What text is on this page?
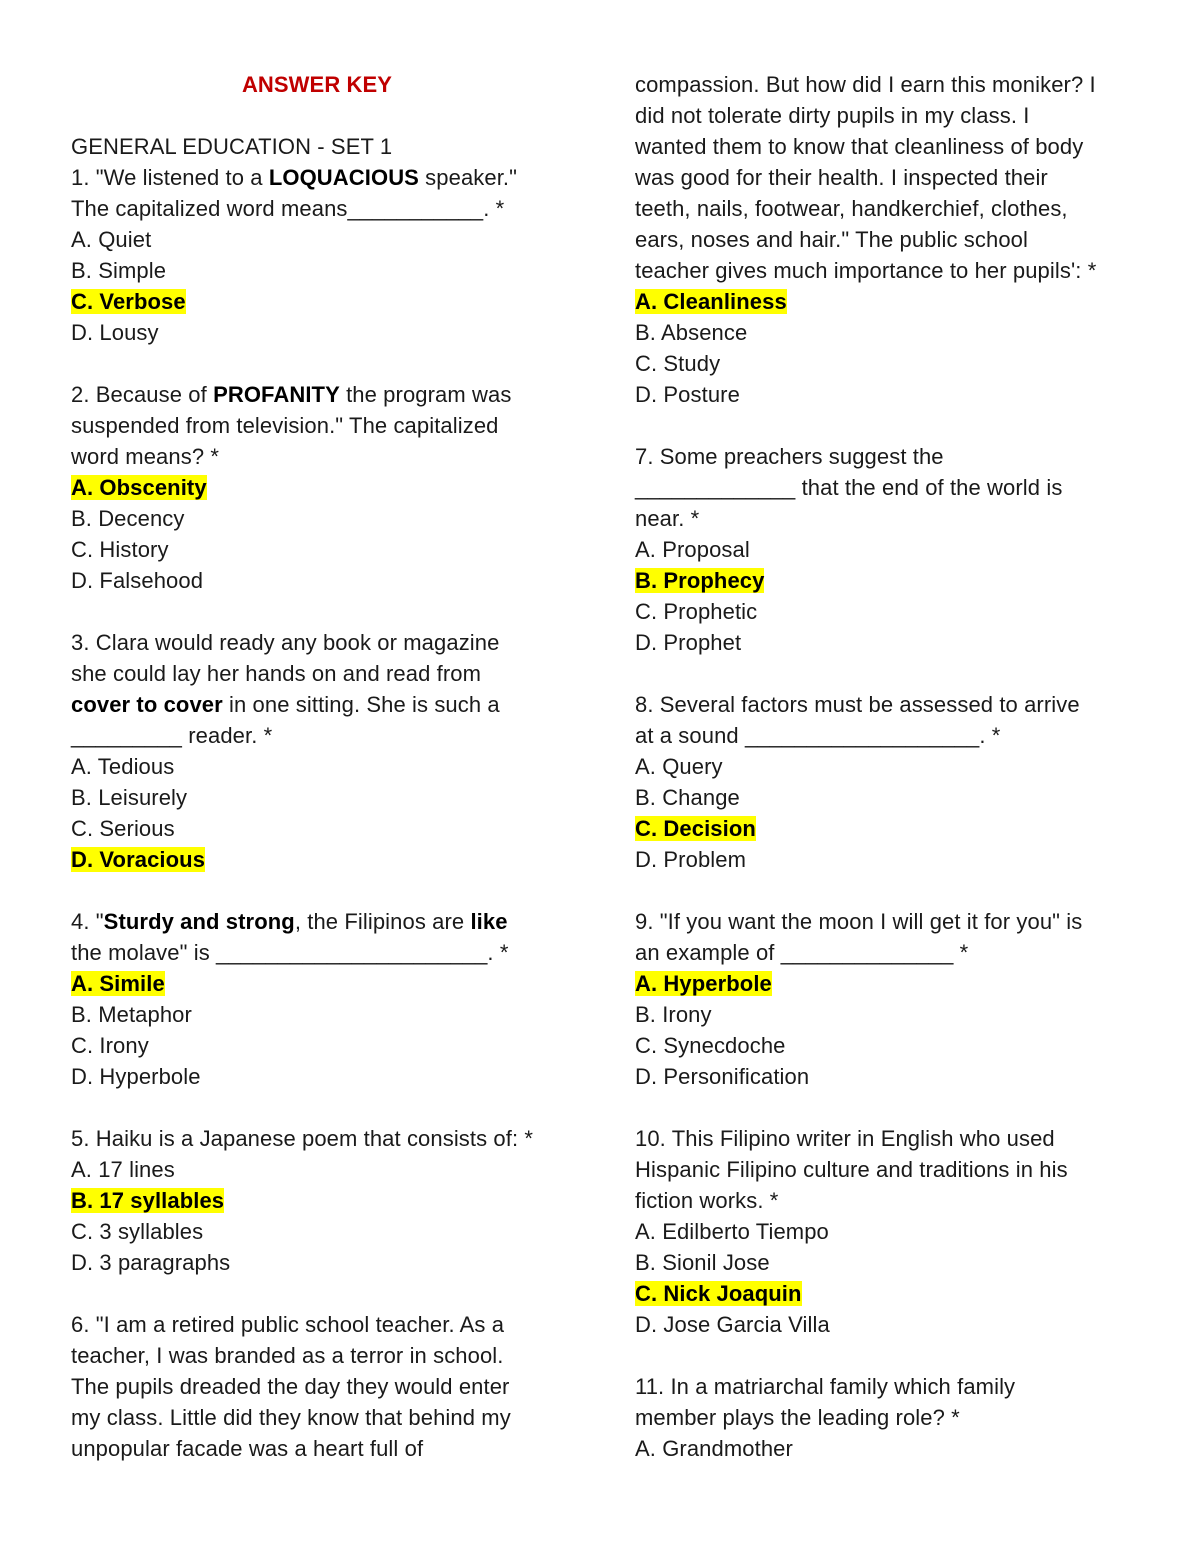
ANSWER KEY
GENERAL EDUCATION - SET 1
1. "We listened to a LOQUACIOUS speaker."
The capitalized word means___________. *
A. Quiet
B. Simple
C. Verbose
D. Lousy
2. Because of PROFANITY the program was
suspended from television." The capitalized
word means? *
A. Obscenity
B. Decency
C. History
D. Falsehood
3. Clara would ready any book or magazine
she could lay her hands on and read from
cover to cover in one sitting. She is such a
_________ reader. *
A. Tedious
B. Leisurely
C. Serious
D. Voracious
4. "Sturdy and strong, the Filipinos are like
the molave" is ______________________. *
A. Simile
B. Metaphor
C. Irony
D. Hyperbole
5. Haiku is a Japanese poem that consists of: *
A. 17 lines
B. 17 syllables
C. 3 syllables
D. 3 paragraphs
6. "I am a retired public school teacher. As a
teacher, I was branded as a terror in school.
The pupils dreaded the day they would enter
my class. Little did they know that behind my
unpopular facade was a heart full of
compassion. But how did I earn this moniker? I
did not tolerate dirty pupils in my class. I
wanted them to know that cleanliness of body
was good for their health. I inspected their
teeth, nails, footwear, handkerchief, clothes,
ears, noses and hair." The public school
teacher gives much importance to her pupils': *
A. Cleanliness
B. Absence
C. Study
D. Posture
7. Some preachers suggest the
_____________ that the end of the world is
near. *
A. Proposal
B. Prophecy
C. Prophetic
D. Prophet
8. Several factors must be assessed to arrive
at a sound ___________________. *
A. Query
B. Change
C. Decision
D. Problem
9. "If you want the moon I will get it for you" is
an example of ______________ *
A. Hyperbole
B. Irony
C. Synecdoche
D. Personification
10. This Filipino writer in English who used
Hispanic Filipino culture and traditions in his
fiction works. *
A. Edilberto Tiempo
B. Sionil Jose
C. Nick Joaquin
D. Jose Garcia Villa
11. In a matriarchal family which family
member plays the leading role? *
A. Grandmother
